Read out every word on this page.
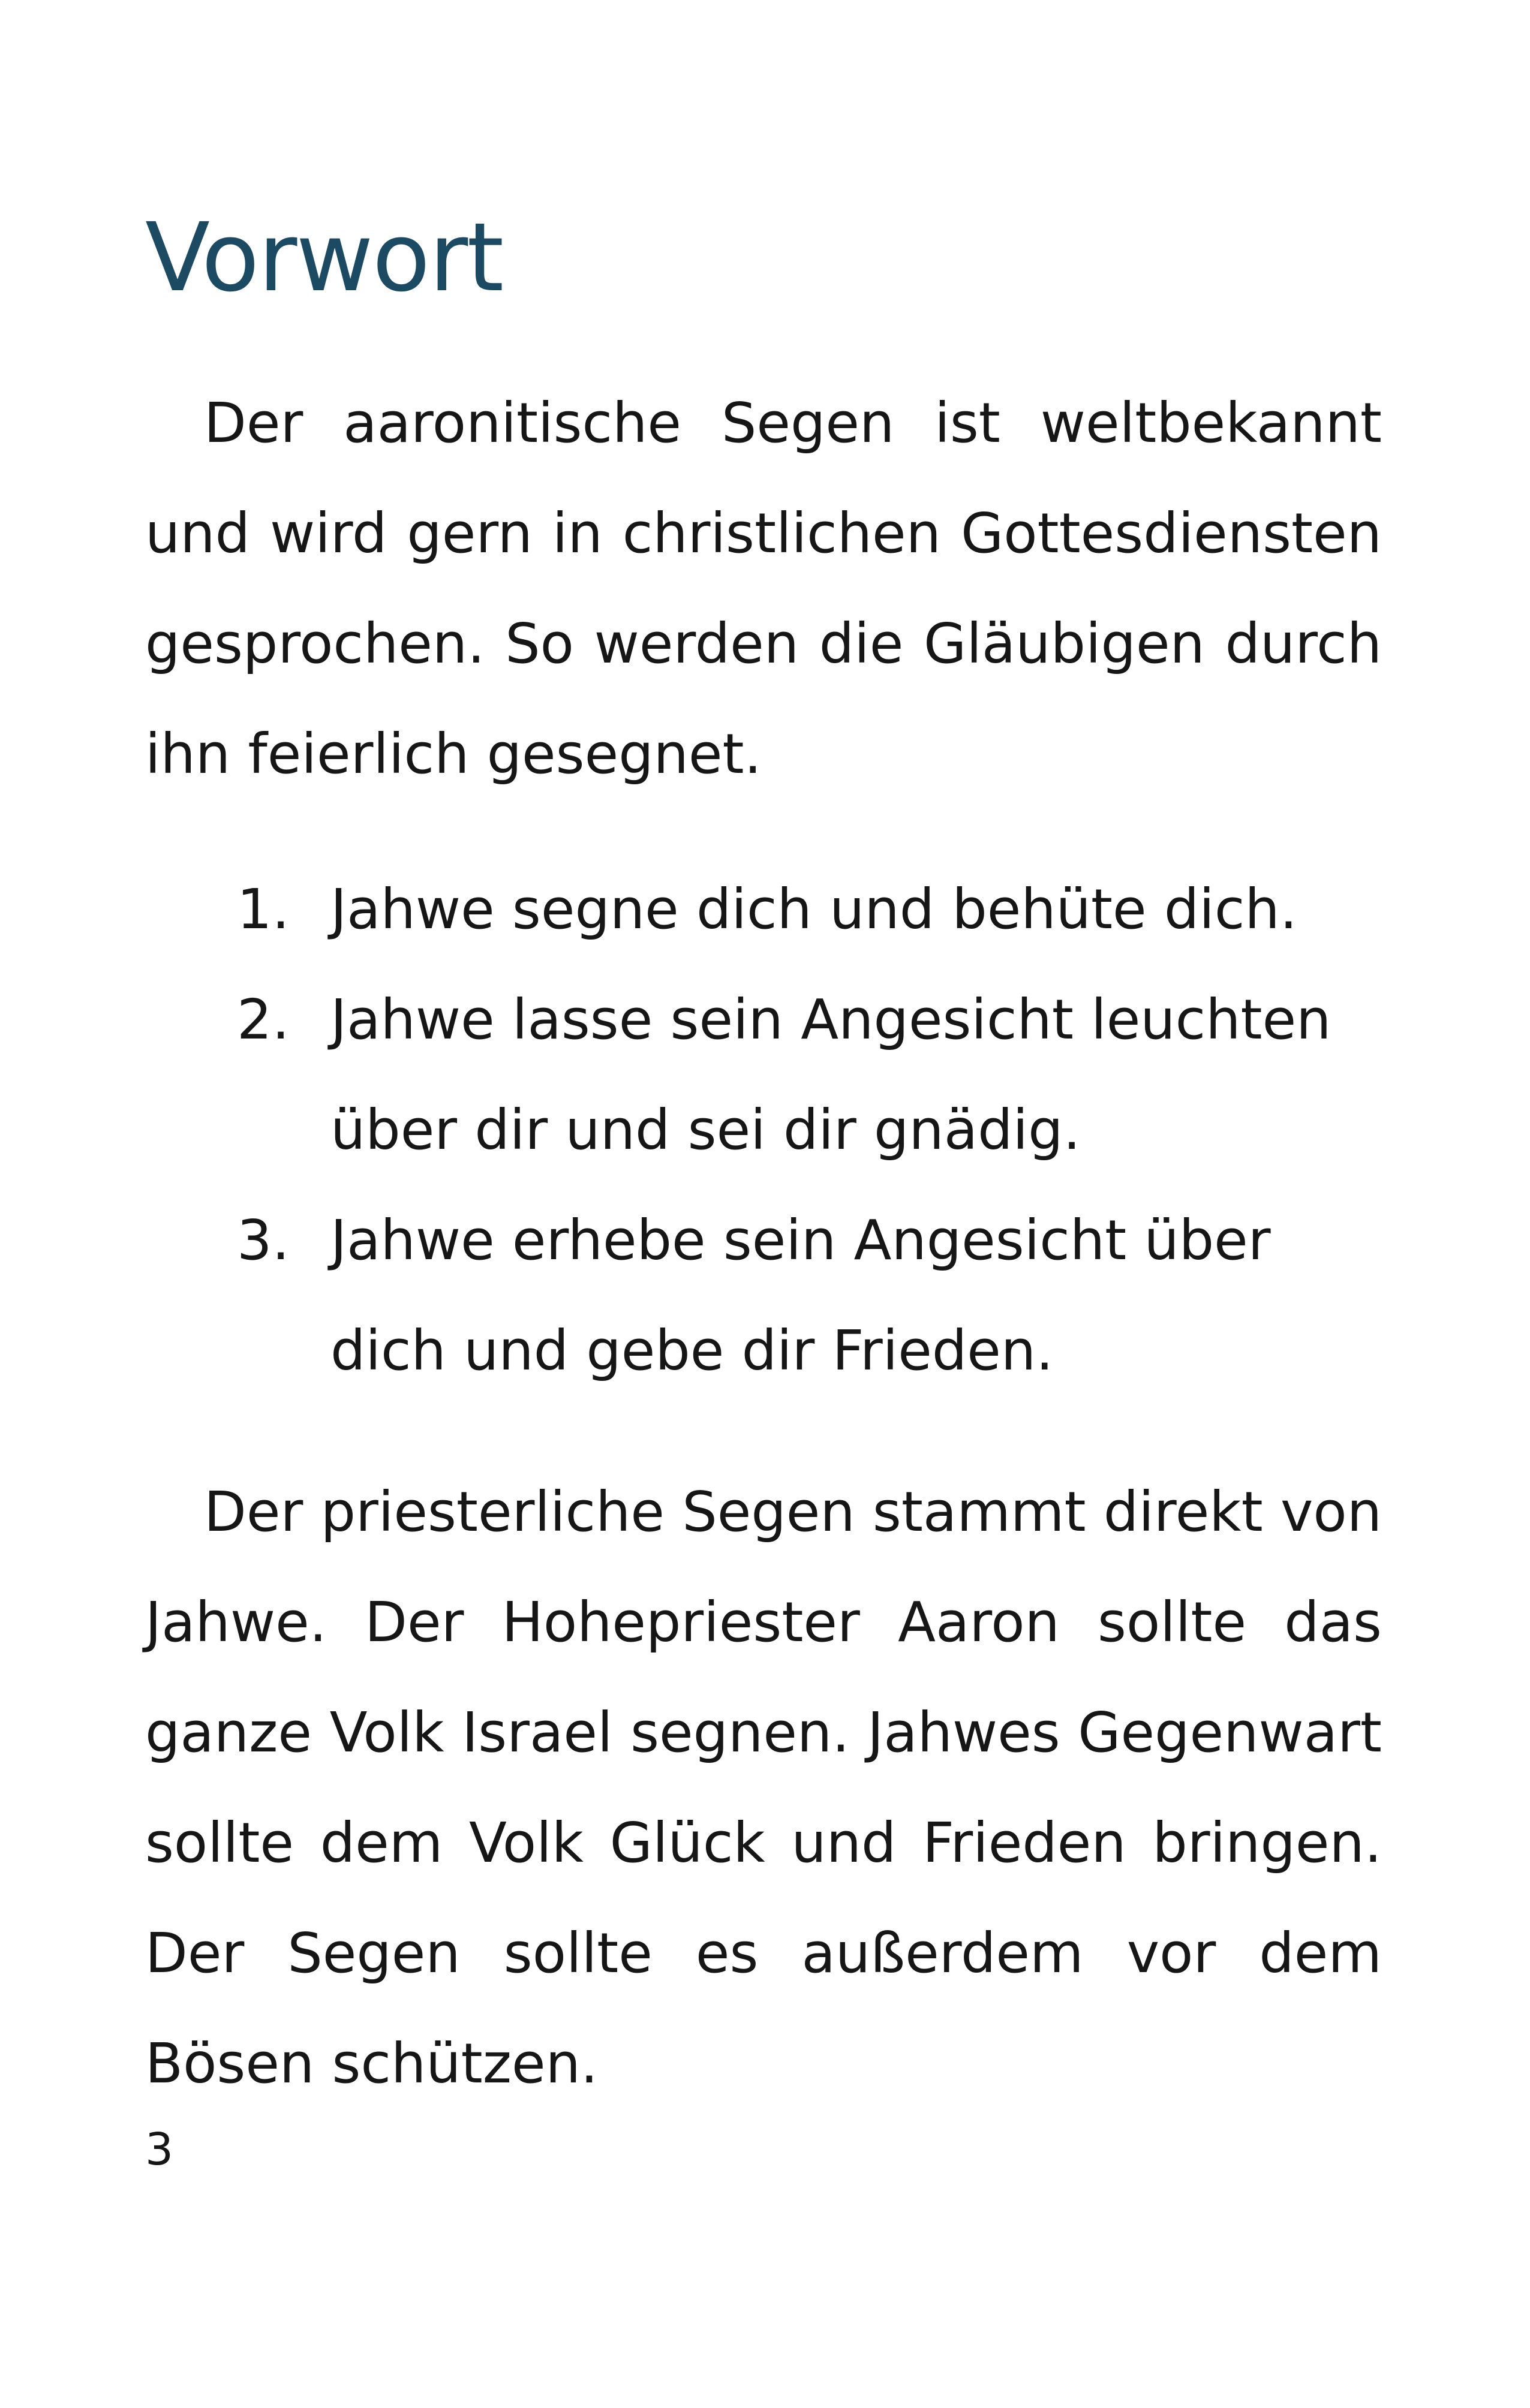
Vorwort

Der aaronitische Segen ist weltbekannt und wird gern in christlichen Gottesdiensten gesprochen. So werden die Gläubigen durch ihn feierlich gesegnet.

1. Jahwe segne dich und behüte dich.
2. Jahwe lasse sein Angesicht leuchten über dir und sei dir gnädig.
3. Jahwe erhebe sein Angesicht über dich und gebe dir Frieden.

Der priesterliche Segen stammt direkt von Jahwe. Der Hohepriester Aaron sollte das ganze Volk Israel segnen. Jahwes Gegenwart sollte dem Volk Glück und Frieden bringen. Der Segen sollte es außerdem vor dem Bösen schützen.

3
